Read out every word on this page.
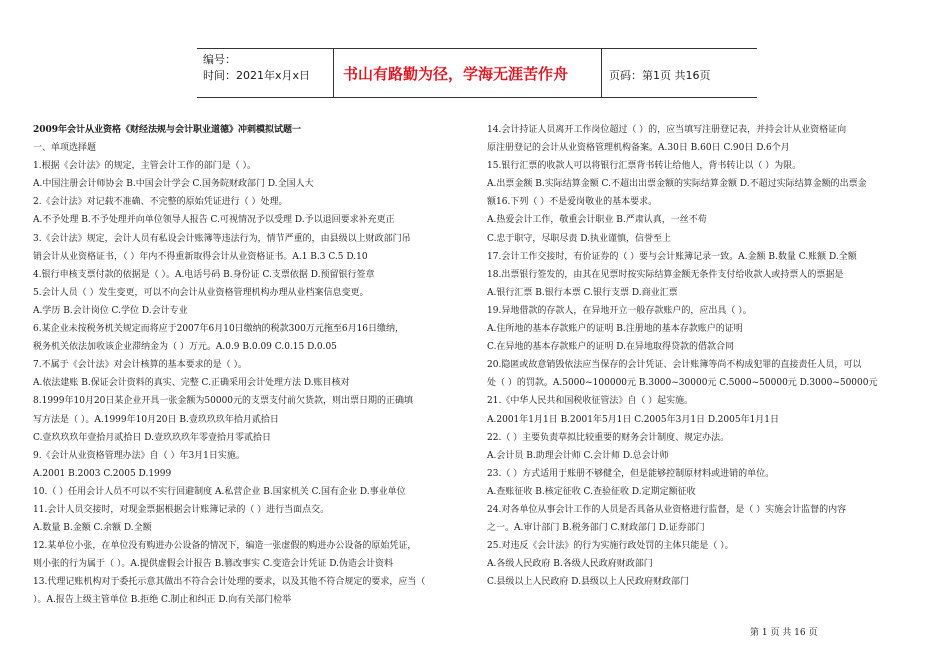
编号：
时间：2021年x月x日 书山有路勤为径，学海无涯苦作舟	页码：第1页 共16页
2009年会计从业资格《财经法规与会计职业道德》冲刺模拟试题一
一、单项选择题
1.根据《会计法》的规定，主管会计工作的部门是（ ）。
A.中国注册会计师协会 B.中国会计学会 C.国务院财政部门 D.全国人大
2.《会计法》对记载不准确、不完整的原始凭证进行（ ）处理。
A.不予处理 B.不予处理并向单位领导人报告 C.可视情况予以受理 D.予以退回要求补充更正
3.《会计法》规定，会计人员有私设会计账簿等违法行为，情节严重的，由县级以上财政部门吊
销会计从业资格证书，（ ）年内不得重新取得会计从业资格证书。A.1 B.3 C.5 D.10
4.银行申核支票付款的依据是（ ）。A.电话号码 B.身份证 C.支票依据 D.预留银行签章
5.会计人员（ ）发生变更，可以不向会计从业资格管理机构办理从业档案信息变更。
A.学历 B.会计岗位 C.学位 D.会计专业
6.某企业未按税务机关规定而将应于2007年6月10日缴纳的税款300万元拖至6月16日缴纳，
税务机关依法加收该企业滞纳金为（ ）万元。A.0.9 B.0.09 C.0.15 D.0.05
7.不属于《会计法》对会计核算的基本要求的是（ ）。
A.依法建账 B.保证会计资料的真实、完整 C.正确采用会计处理方法 D.账目核对
8.1999年10月20日某企业开具一张金额为50000元的支票支付前欠货款，则出票日期的正确填
写方法是（ ）。A.1999年10月20日 B.壹玖玖玖年拾月贰拾日
C.壹玖玖玖年壹拾月贰拾日 D.壹玖玖玖年零壹拾月零贰拾日
9.《会计从业资格管理办法》自（ ）年3月1日实施。
A.2001 B.2003 C.2005 D.1999
10.（ ）任用会计人员不可以不实行回避制度 A.私营企业 B.国家机关 C.国有企业 D.事业单位
11.会计人员交接时，对现金票据根据会计账簿记录的（ ）进行当面点交。
A.数量 B.金额 C.余额 D.全额
12.某单位小张，在单位没有购进办公设备的情况下，编造一张虚假的购进办公设备的原始凭证，
则小张的行为属于（ ）。A.提供虚假会计报告 B.篡改事实 C.变造会计凭证 D.伪造会计资料
13.代理记账机构对于委托示意其做出不符合会计处理的要求，以及其他不符合规定的要求，应当（
）。A.报告上级主管单位 B.拒绝 C.制止和纠正 D.向有关部门检举
14.会计持证人员离开工作岗位超过（ ）的，应当填写注册登记表，并持会计从业资格证向
原注册登记的会计从业资格管理机构备案。A.30日 B.60日 C.90日 D.6个月
15.银行汇票的收款人可以将银行汇票背书转让给他人，背书转让以（ ）为限。
A.出票金额 B.实际结算金额 C.不超出出票金额的实际结算金额 D.不超过实际结算金额的出票金
额16.下列（ ）不是爱岗敬业的基本要求。
A.热爱会计工作，敬重会计职业 B.严肃认真，一丝不苟
C.忠于职守，尽职尽责 D.执业谨慎，信誉至上
17.会计工作交接时，有价证券的（ ）要与会计账簿记录一致。A.金额 B.数量 C.账额 D.全额
18.出票银行签发的，由其在见票时按实际结算金额无条件支付给收款人或持票人的票据是
A.银行汇票 B.银行本票 C.银行支票 D.商业汇票
19.异地借款的存款人，在异地开立一般存款账户的，应出具（ ）。
A.住所地的基本存款账户的证明 B.注册地的基本存款账户的证明
C.在异地的基本存款账户的证明 D.在异地取得贷款的借款合同
20.隐匿或故意销毁依法应当保存的会计凭证、会计账簿等尚不构成犯罪的直接责任人员，可以
处（ ）的罚款。A.5000~100000元 B.3000~30000元 C.5000~50000元 D.3000~50000元
21.《中华人民共和国税收征管法》自（ ）起实施。
A.2001年1月1日 B.2001年5月1日 C.2005年3月1日 D.2005年1月1日
22.（ ）主要负责草拟比较重要的财务会计制度、规定办法。
A.会计员 B.助理会计师 C.会计师 D.总会计师
23.（ ）方式适用于账册不够健全，但是能够控制原材料或进销的单位。
A.查账征收 B.核定征收 C.查验征收 D.定期定额征收
24.对各单位从事会计工作的人员是否具备从业资格进行监督，是（ ）实施会计监督的内容
之一。A.审计部门 B.税务部门 C.财政部门 D.证券部门
25.对违反《会计法》的行为实施行政处罚的主体只能是（ ）。
A.各级人民政府 B.各级人民政府财政部门
C.县级以上人民政府 D.县级以上人民政府财政部门
第 1 页 共 16 页
